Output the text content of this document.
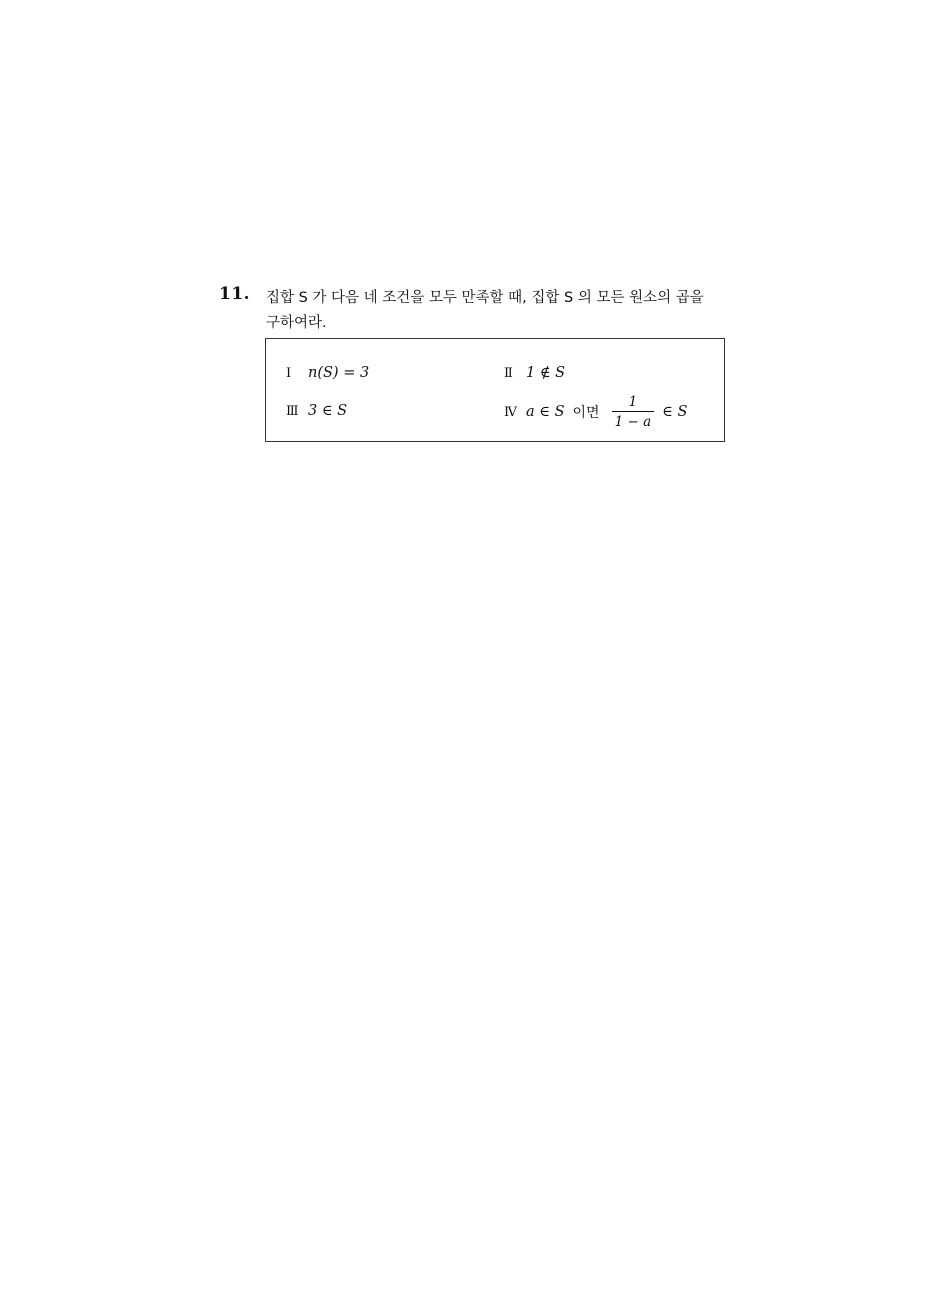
11. 집합 S 가 다음 네 조건을 모두 만족할 때, 집합 S 의 모든 원소의 곱을
구하여라.
Ⅰ	n(S) = 3	Ⅱ 1 ∉ S
Ⅲ 3 ∈ S	Ⅳ a ∈ S 이면 $\frac{1}{1 - a}$ ∈ S
